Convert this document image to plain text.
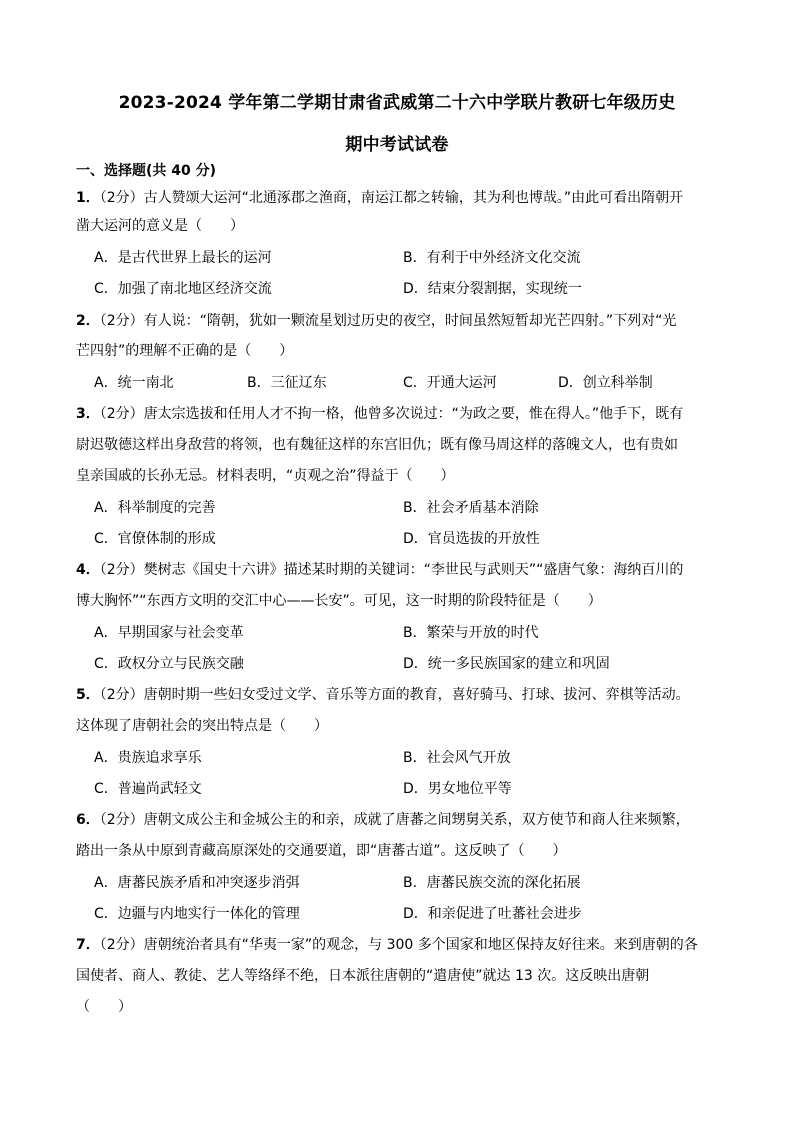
2023-2024 学年第二学期甘肃省武威第二十六中学联片教研七年级历史
期中考试试卷
一、选择题(共 40 分)
1．（2分）古人赞颂大运河“北通涿郡之渔商，南运江都之转输，其为利也博哉。”由此可看出隋朝开
凿大运河的意义是（　　）
A．是古代世界上最长的运河	B．有利于中外经济文化交流
C．加强了南北地区经济交流	D．结束分裂割据，实现统一
2．（2分）有人说：“隋朝，犹如一颗流星划过历史的夜空，时间虽然短暂却光芒四射。”下列对“光
芒四射”的理解不正确的是（　　）
A．统一南北	B．三征辽东	C．开通大运河	D．创立科举制
3．（2分）唐太宗选拔和任用人才不拘一格，他曾多次说过：“为政之要，惟在得人。”他手下，既有
尉迟敬德这样出身敌营的将领，也有魏征这样的东宫旧仇；既有像马周这样的落魄文人，也有贵如
皇亲国戚的长孙无忌。材料表明，“贞观之治”得益于（　　）
A．科举制度的完善	B．社会矛盾基本消除
C．官僚体制的形成	D．官员选拔的开放性
4．（2分）樊树志《国史十六讲》描述某时期的关键词：“李世民与武则天”“盛唐气象：海纳百川的
博大胸怀”“东西方文明的交汇中心——长安”。可见，这一时期的阶段特征是（　　）
A．早期国家与社会变革	B．繁荣与开放的时代
C．政权分立与民族交融	D．统一多民族国家的建立和巩固
5．（2分）唐朝时期一些妇女受过文学、音乐等方面的教育，喜好骑马、打球、拔河、弈棋等活动。
这体现了唐朝社会的突出特点是（　　）
A．贵族追求享乐	B．社会风气开放
C．普遍尚武轻文	D．男女地位平等
6．（2分）唐朝文成公主和金城公主的和亲，成就了唐蕃之间甥舅关系，双方使节和商人往来频繁，
踏出一条从中原到青藏高原深处的交通要道，即“唐蕃古道”。这反映了（　　）
A．唐蕃民族矛盾和冲突逐步消弭	B．唐蕃民族交流的深化拓展
C．边疆与内地实行一体化的管理	D．和亲促进了吐蕃社会进步
7．（2分）唐朝统治者具有“华夷一家”的观念，与 300 多个国家和地区保持友好往来。来到唐朝的各
国使者、商人、教徒、艺人等络绎不绝，日本派往唐朝的“遣唐使”就达 13 次。这反映出唐朝
（　　）
